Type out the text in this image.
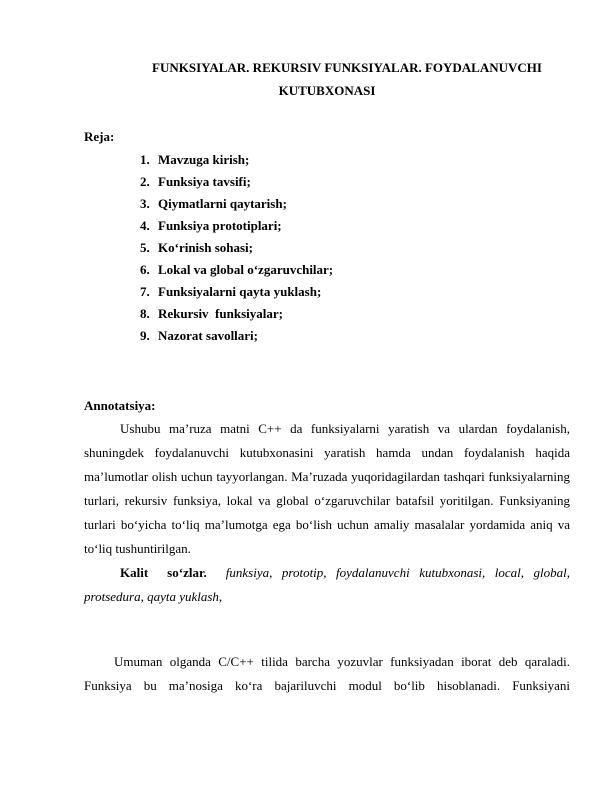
FUNKSIYALAR. REKURSIV FUNKSIYALAR. FOYDALANUVCHI
KUTUBXONASI
Reja:
1. Mavzuga kirish;
2. Funksiya tavsifi;
3. Qiymatlarni qaytarish;
4. Funksiya prototiplari;
5. Ko‘rinish sohasi;
6. Lokal va global o‘zgaruvchilar;
7. Funksiyalarni qayta yuklash;
8. Rekursiv  funksiyalar;
9. Nazorat savollari;
Annotatsiya:

Ushubu ma’ruza matni C++ da funksiyalarni yaratish va ulardan foydalanish, shuningdek foydalanuvchi kutubxonasini yaratish hamda undan foydalanish haqida ma’lumotlar olish uchun tayyorlangan. Ma’ruzada yuqoridagilardan tashqari funksiyalarning turlari, rekursiv funksiya, lokal va global o‘zgaruvchilar batafsil yoritilgan. Funksiyaning turlari bo‘yicha to‘liq ma’lumotga ega bo‘lish uchun amaliy masalalar yordamida aniq va to‘liq tushuntirilgan.

Kalit  so‘zlar. funksiya, prototip, foydalanuvchi kutubxonasi, local, global, protsedura, qayta yuklash,

Umuman olganda C/C++ tilida barcha yozuvlar funksiyadan iborat deb qaraladi. Funksiya bu ma’nosiga ko‘ra bajariluvchi modul bo‘lib hisoblanadi. Funksiyani
